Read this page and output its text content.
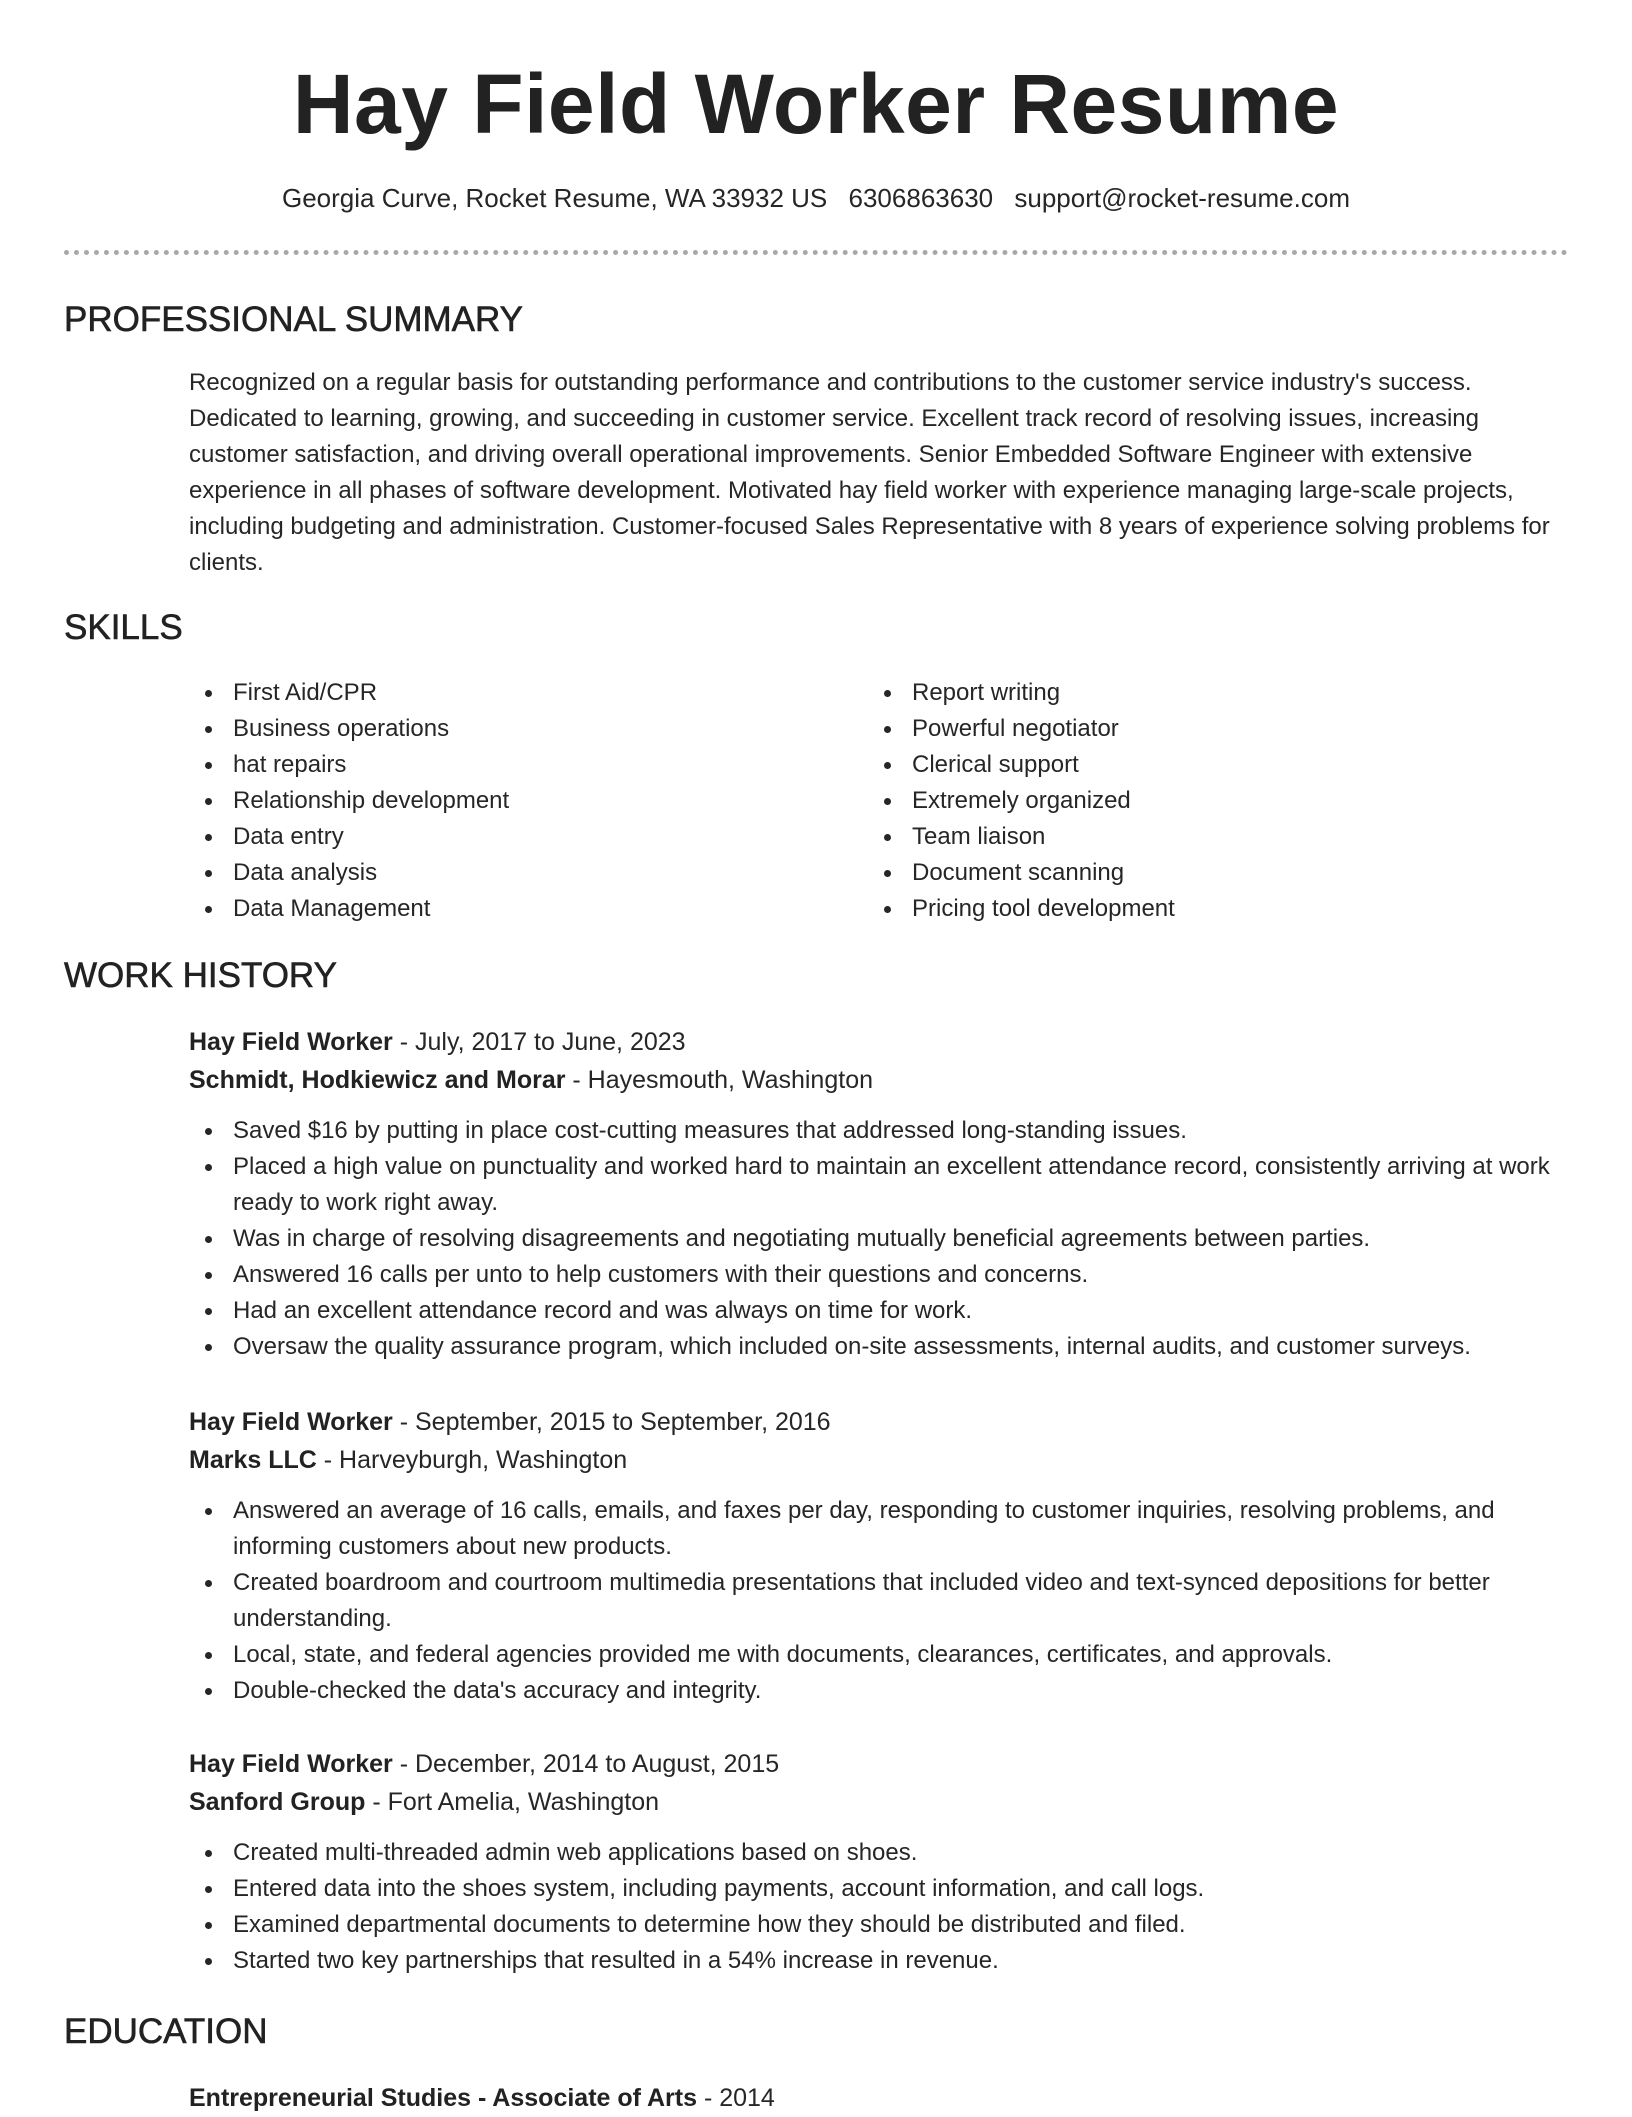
Hay Field Worker Resume
Georgia Curve, Rocket Resume, WA 33932 US 6306863630 support@rocket-resume.com
PROFESSIONAL SUMMARY

Recognized on a regular basis for outstanding performance and contributions to the customer service industry's success. Dedicated to learning, growing, and succeeding in customer service. Excellent track record of resolving issues, increasing customer satisfaction, and driving overall operational improvements. Senior Embedded Software Engineer with extensive experience in all phases of software development. Motivated hay field worker with experience managing large-scale projects, including budgeting and administration. Customer-focused Sales Representative with 8 years of experience solving problems for clients.

SKILLS
First Aid/CPR
Business operations
hat repairs
Relationship development
Data entry
Data analysis
Data Management
Report writing
Powerful negotiator
Clerical support
Extremely organized
Team liaison
Document scanning
Pricing tool development
WORK HISTORY
Hay Field Worker - July, 2017 to June, 2023
Schmidt, Hodkiewicz and Morar - Hayesmouth, Washington
Saved $16 by putting in place cost-cutting measures that addressed long-standing issues.
Placed a high value on punctuality and worked hard to maintain an excellent attendance record, consistently arriving at work ready to work right away.
Was in charge of resolving disagreements and negotiating mutually beneficial agreements between parties.
Answered 16 calls per unto to help customers with their questions and concerns.
Had an excellent attendance record and was always on time for work.
Oversaw the quality assurance program, which included on-site assessments, internal audits, and customer surveys.
Hay Field Worker - September, 2015 to September, 2016
Marks LLC - Harveyburgh, Washington
Answered an average of 16 calls, emails, and faxes per day, responding to customer inquiries, resolving problems, and informing customers about new products.
Created boardroom and courtroom multimedia presentations that included video and text-synced depositions for better understanding.
Local, state, and federal agencies provided me with documents, clearances, certificates, and approvals.
Double-checked the data's accuracy and integrity.
Hay Field Worker - December, 2014 to August, 2015
Sanford Group - Fort Amelia, Washington
Created multi-threaded admin web applications based on shoes.
Entered data into the shoes system, including payments, account information, and call logs.
Examined departmental documents to determine how they should be distributed and filed.
Started two key partnerships that resulted in a 54% increase in revenue.
EDUCATION
Entrepreneurial Studies - Associate of Arts - 2014
